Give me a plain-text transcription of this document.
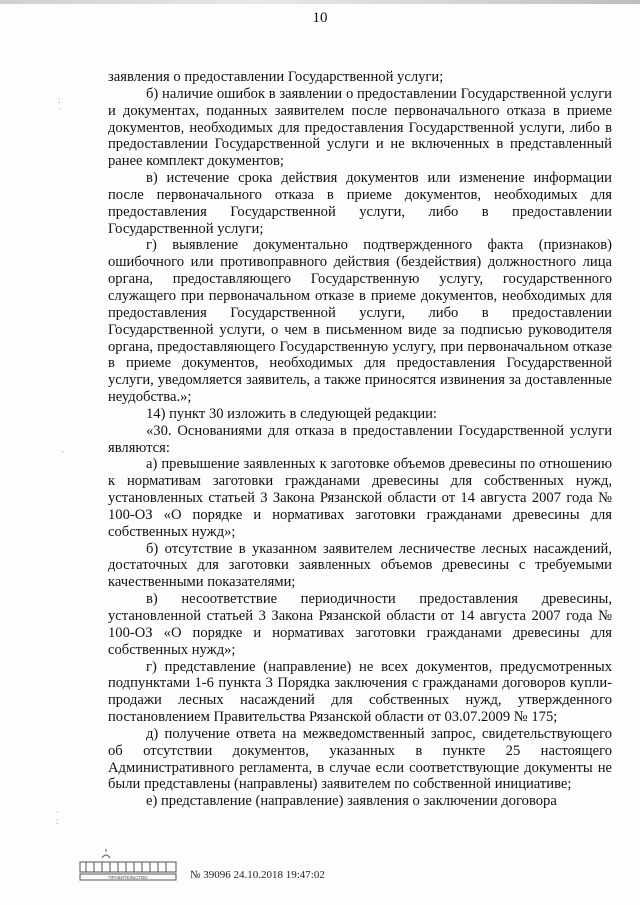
10

заявления о предоставлении Государственной услуги;

б) наличие ошибок в заявлении о предоставлении Государственной услуги и документах, поданных заявителем после первоначального отказа в приеме документов, необходимых для предоставления Государственной услуги, либо в предоставлении Государственной услуги и не включенных в представленный ранее комплект документов;

в) истечение срока действия документов или изменение информации после первоначального отказа в приеме документов, необходимых для предоставления Государственной услуги, либо в предоставлении Государственной услуги;

г) выявление документально подтвержденного факта (признаков) ошибочного или противоправного действия (бездействия) должностного лица органа, предоставляющего Государственную услугу, государственного служащего при первоначальном отказе в приеме документов, необходимых для предоставления Государственной услуги, либо в предоставлении Государственной услуги, о чем в письменном виде за подписью руководителя органа, предоставляющего Государственную услугу, при первоначальном отказе в приеме документов, необходимых для предоставления Государственной услуги, уведомляется заявитель, а также приносятся извинения за доставленные неудобства.»;

14) пункт 30 изложить в следующей редакции:

«30. Основаниями для отказа в предоставлении Государственной услуги являются:

а) превышение заявленных к заготовке объемов древесины по отношению к нормативам заготовки гражданами древесины для собственных нужд, установленных статьей 3 Закона Рязанской области от 14 августа 2007 года № 100-ОЗ «О порядке и нормативах заготовки гражданами древесины для собственных нужд»;

б) отсутствие в указанном заявителем лесничестве лесных насаждений, достаточных для заготовки заявленных объемов древесины с требуемыми качественными показателями;

в) несоответствие периодичности предоставления древесины, установленной статьей 3 Закона Рязанской области от 14 августа 2007 года № 100-ОЗ «О порядке и нормативах заготовки гражданами древесины для собственных нужд»;

г) представление (направление) не всех документов, предусмотренных подпунктами 1-6 пункта 3 Порядка заключения с гражданами договоров купли-продажи лесных насаждений для собственных нужд, утвержденного постановлением Правительства Рязанской области от 03.07.2009 № 175;

д) получение ответа на межведомственный запрос, свидетельствующего об отсутствии документов, указанных в пункте 25 настоящего Административного регламента, в случае если соответствующие документы не были представлены (направлены) заявителем по собственной инициативе;

е) представление (направление) заявления о заключении договора

:
·
ˑ·
·
:
ПРАВИТЕЛЬСТВО	№ 39096 24.10.2018 19:47:02
